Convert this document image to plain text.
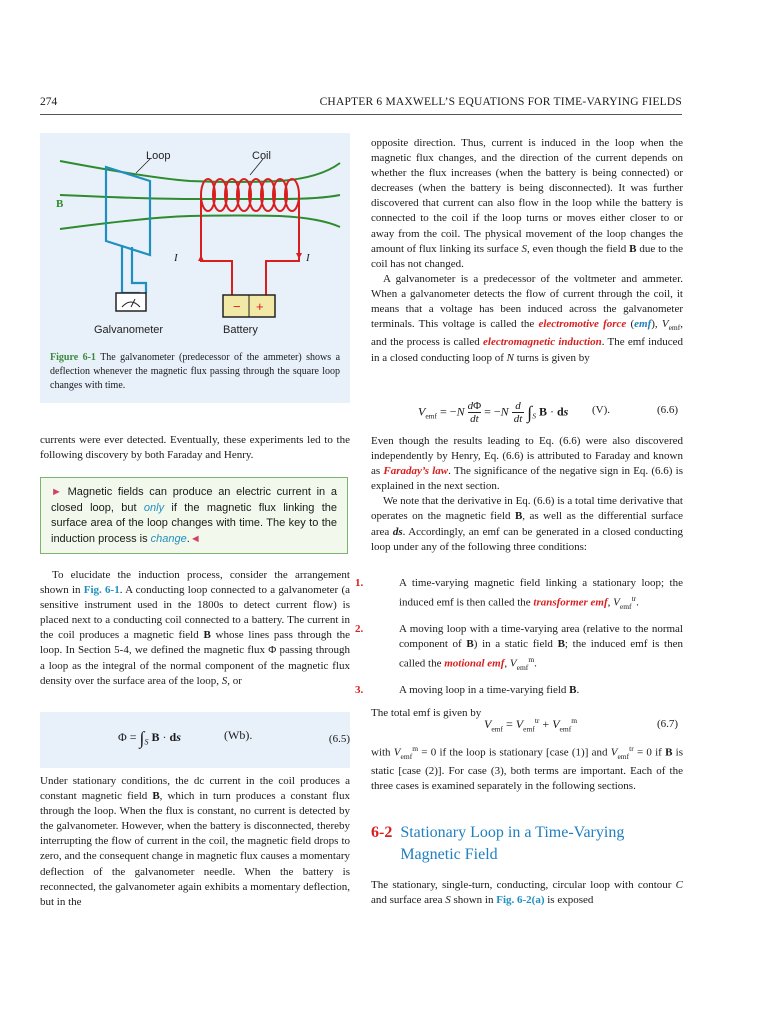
274	CHAPTER 6 MAXWELL’S EQUATIONS FOR TIME-VARYING FIELDS
− +
Loop	Coil
B
I	I
Galvanometer	Battery
Figure 6-1 The galvanometer (predecessor of the ammeter) shows a deflection whenever the magnetic flux passing through the square loop changes with time.

currents were ever detected. Eventually, these experiments led to the following discovery by both Faraday and Henry.

► Magnetic fields can produce an electric current in a closed loop, but only if the magnetic flux linking the surface area of the loop changes with time. The key to the induction process is change.◄

To elucidate the induction process, consider the arrangement shown in Fig. 6-1. A conducting loop connected to a galvanometer (a sensitive instrument used in the 1800s to detect current flow) is placed next to a conducting coil connected to a battery. The current in the coil produces a magnetic field B whose lines pass through the loop. In Section 5-4, we defined the magnetic flux Φ passing through a loop as the integral of the normal component of the magnetic flux density over the surface area of the loop, S, or

$\Phi = \int_S$ B · ds	(Wb).	(6.5)

Under stationary conditions, the dc current in the coil produces a constant magnetic field B, which in turn produces a constant flux through the loop. When the flux is constant, no current is detected by the galvanometer. However, when the battery is disconnected, thereby interrupting the flow of current in the coil, the magnetic field drops to zero, and the consequent change in magnetic flux causes a momentary deflection of the galvanometer needle. When the battery is reconnected, the galvanometer again exhibits a momentary deflection, but in the

opposite direction. Thus, current is induced in the loop when the magnetic flux changes, and the direction of the current depends on whether the flux increases (when the battery is being connected) or decreases (when the battery is being disconnected). It was further discovered that current can also flow in the loop while the battery is connected to the coil if the loop turns or moves either closer to or away from the coil. The physical movement of the loop changes the amount of flux linking its surface S, even though the field B due to the coil has not changed.

A galvanometer is a predecessor of the voltmeter and ammeter. When a galvanometer detects the flow of current through the coil, it means that a voltage has been induced across the galvanometer terminals. This voltage is called the electromotive force (emf), $V_{emf}$, and the process is called electromagnetic induction. The emf induced in a closed conducting loop of N turns is given by

$V_{emf} = -N$ dΦ
dt = $-N \frac{d}{dt} \int_S$ B · ds	(V).	(6.6)

Even though the results leading to Eq. (6.6) were also discovered independently by Henry, Eq. (6.6) is attributed to Faraday and known as Faraday’s law. The significance of the negative sign in Eq. (6.6) is explained in the next section.

We note that the derivative in Eq. (6.6) is a total time derivative that operates on the magnetic field B, as well as the differential surface area ds. Accordingly, an emf can be generated in a closed conducting loop under any of the following three conditions:

1.	A time-varying magnetic field linking a stationary loop; the induced emf is then called the transformer emf, $V_{emf}^{tr}$.

2.	A moving loop with a time-varying area (relative to the normal component of B) in a static field B; the induced emf is then called the motional emf, $V_{emf}^m$.

3.	A moving loop in a time-varying field B.

The total emf is given by

$V_{emf} = V_{emf}^{tr} + V_{emf}^m$	(6.7)

with $V_{emf}^m = 0$ if the loop is stationary [case (1)] and $V_{emf}^{tr} = 0$ if B is static [case (2)]. For case (3), both terms are important. Each of the three cases is examined separately in the following sections.

6-2 Stationary Loop in a Time-Varying Magnetic Field

The stationary, single-turn, conducting, circular loop with contour C and surface area S shown in Fig. 6-2(a) is exposed
